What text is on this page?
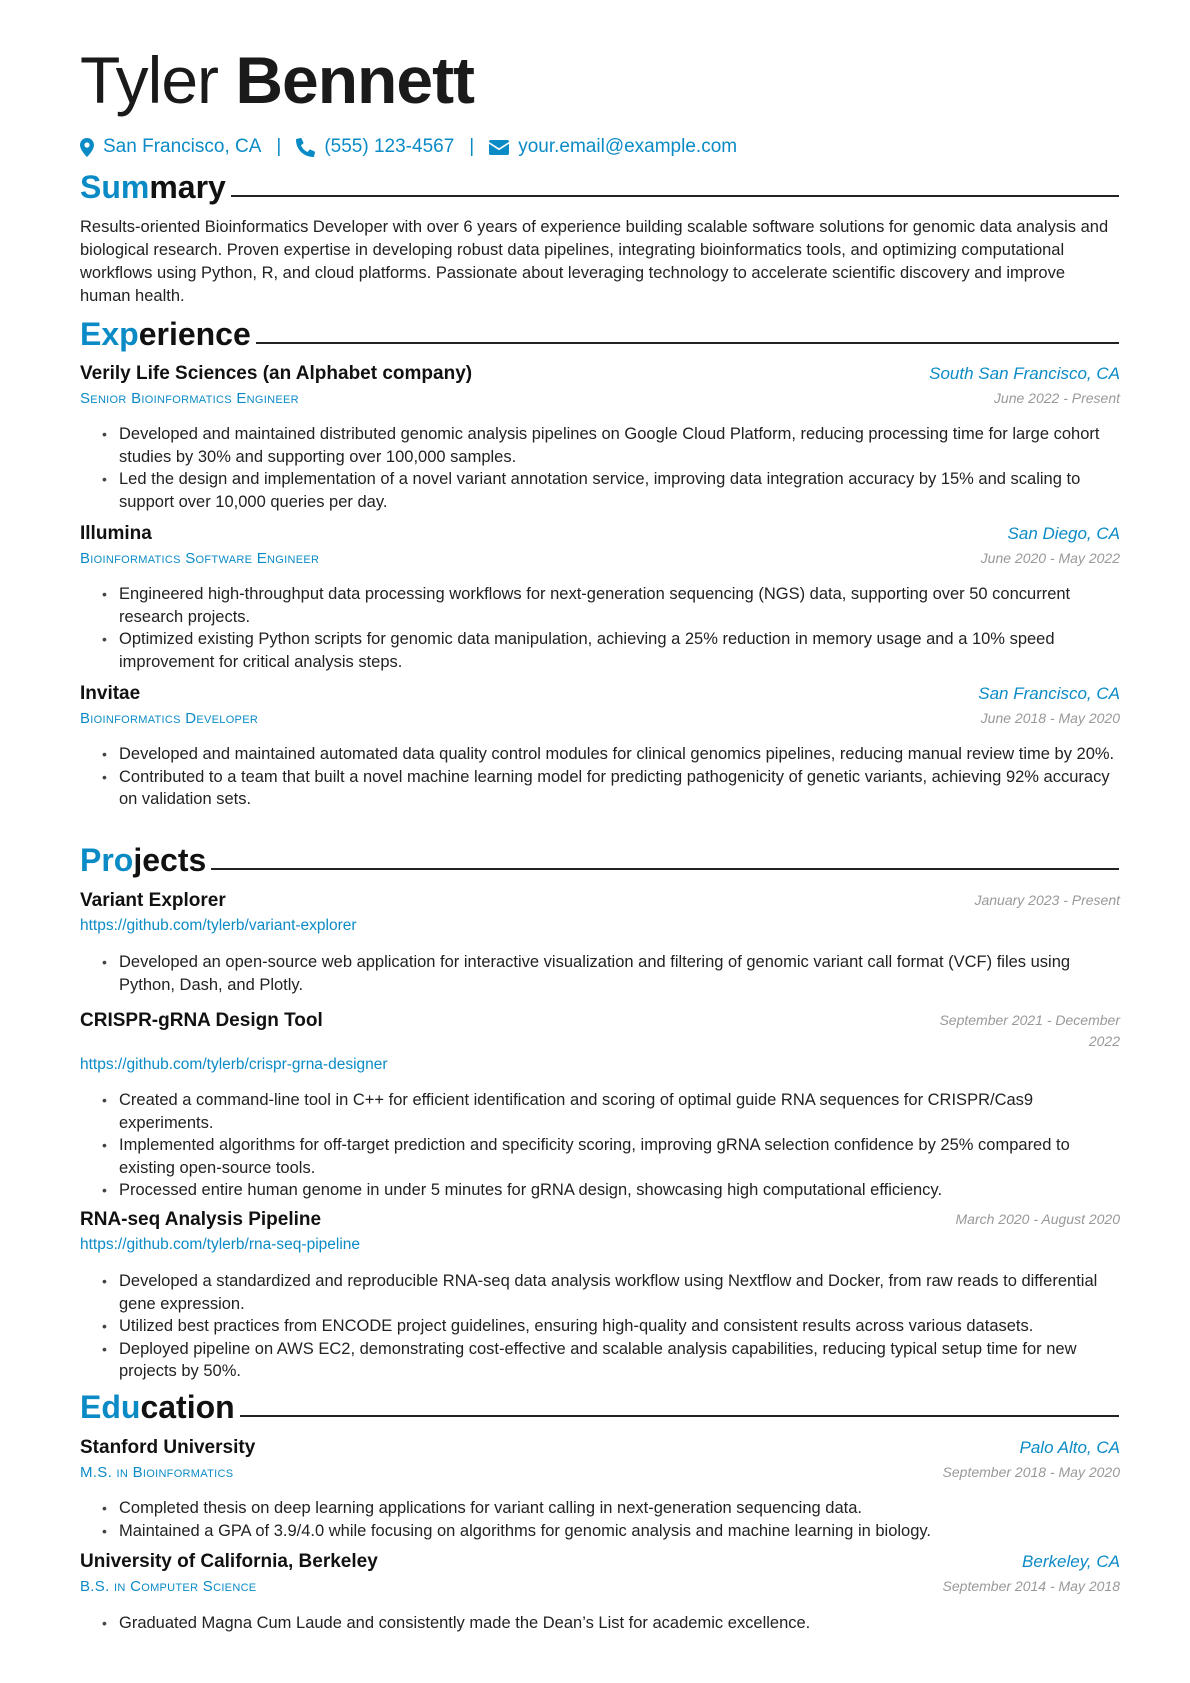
Tyler Bennett
San Francisco, CA | (555) 123-4567 | your.email@example.com
Summary

Results-oriented Bioinformatics Developer with over 6 years of experience building scalable software solutions for genomic data analysis and biological research. Proven expertise in developing robust data pipelines, integrating bioinformatics tools, and optimizing computational workflows using Python, R, and cloud platforms. Passionate about leveraging technology to accelerate scientific discovery and improve human health.

Experience
Verily Life Sciences (an Alphabet company)	South San Francisco, CA
Senior Bioinformatics Engineer	June 2022 - Present
• Developed and maintained distributed genomic analysis pipelines on Google Cloud Platform, reducing processing time for large cohort studies by 30% and supporting over 100,000 samples.
• Led the design and implementation of a novel variant annotation service, improving data integration accuracy by 15% and scaling to support over 10,000 queries per day.
Illumina	San Diego, CA
Bioinformatics Software Engineer	June 2020 - May 2022
• Engineered high-throughput data processing workflows for next-generation sequencing (NGS) data, supporting over 50 concurrent research projects.
• Optimized existing Python scripts for genomic data manipulation, achieving a 25% reduction in memory usage and a 10% speed improvement for critical analysis steps.
Invitae	San Francisco, CA
Bioinformatics Developer	June 2018 - May 2020
• Developed and maintained automated data quality control modules for clinical genomics pipelines, reducing manual review time by 20%.
• Contributed to a team that built a novel machine learning model for predicting pathogenicity of genetic variants, achieving 92% accuracy on validation sets.
Projects
Variant Explorer	January 2023 - Present
https://github.com/tylerb/variant-explorer
• Developed an open-source web application for interactive visualization and filtering of genomic variant call format (VCF) files using Python, Dash, and Plotly.
CRISPR-gRNA Design Tool	September 2021 - December 2022
https://github.com/tylerb/crispr-grna-designer
• Created a command-line tool in C++ for efficient identification and scoring of optimal guide RNA sequences for CRISPR/Cas9 experiments.
• Implemented algorithms for off-target prediction and specificity scoring, improving gRNA selection confidence by 25% compared to existing open-source tools.
• Processed entire human genome in under 5 minutes for gRNA design, showcasing high computational efficiency.
RNA-seq Analysis Pipeline	March 2020 - August 2020
https://github.com/tylerb/rna-seq-pipeline
• Developed a standardized and reproducible RNA-seq data analysis workflow using Nextflow and Docker, from raw reads to differential gene expression.
• Utilized best practices from ENCODE project guidelines, ensuring high-quality and consistent results across various datasets.
• Deployed pipeline on AWS EC2, demonstrating cost-effective and scalable analysis capabilities, reducing typical setup time for new projects by 50%.
Education
Stanford University	Palo Alto, CA
M.S. in Bioinformatics	September 2018 - May 2020
• Completed thesis on deep learning applications for variant calling in next-generation sequencing data.
• Maintained a GPA of 3.9/4.0 while focusing on algorithms for genomic analysis and machine learning in biology.
University of California, Berkeley	Berkeley, CA
B.S. in Computer Science	September 2014 - May 2018
• Graduated Magna Cum Laude and consistently made the Dean’s List for academic excellence.
